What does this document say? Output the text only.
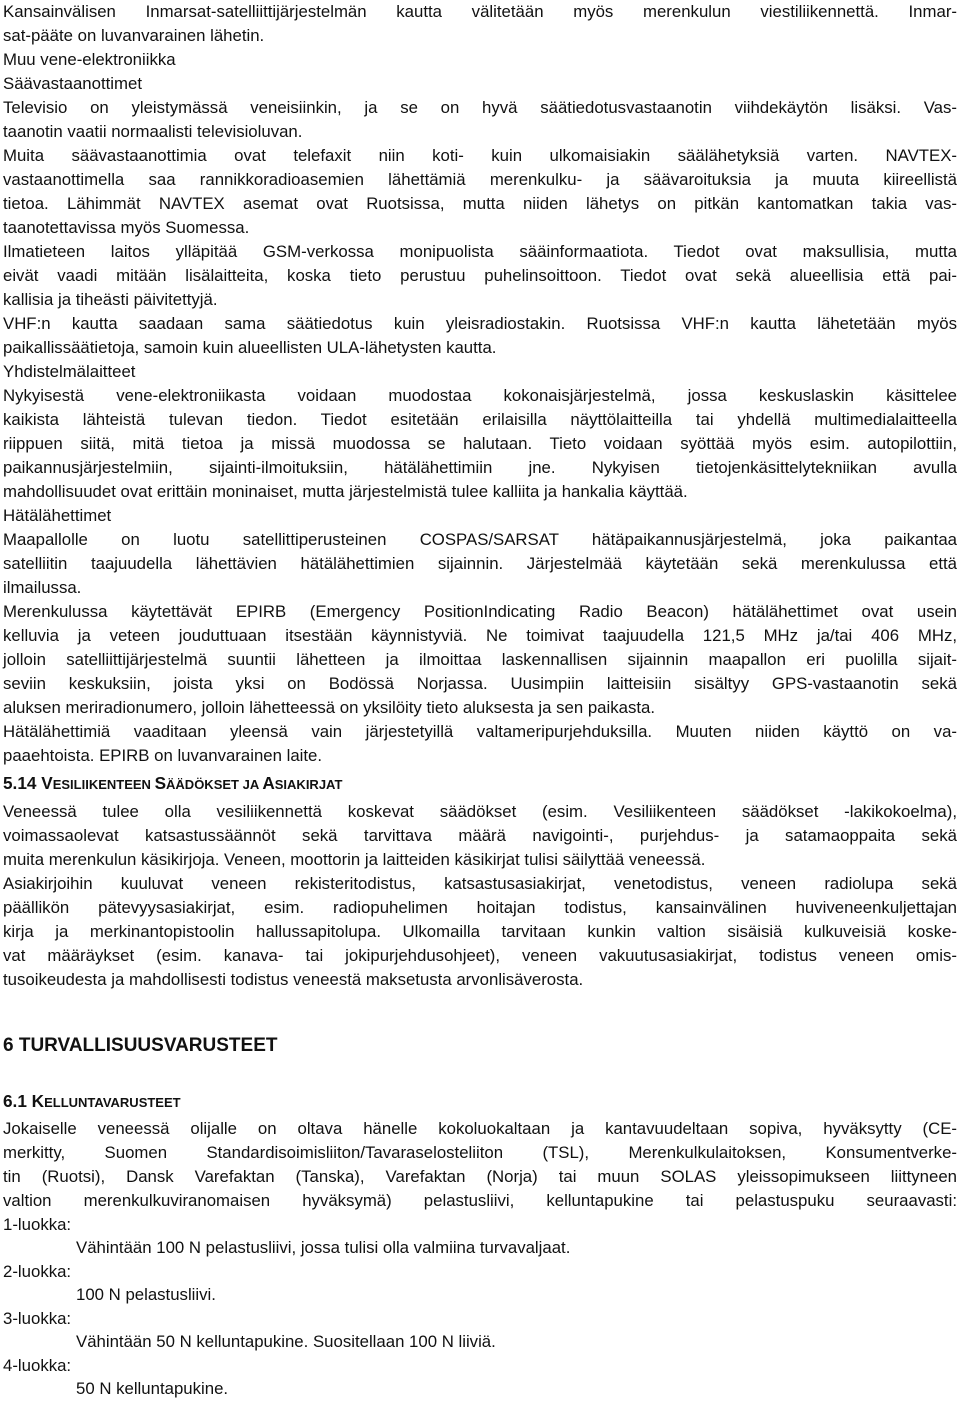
Kansainvälisen Inmarsat-satelliittijärjestelmän kautta välitetään myös merenkulun viestiliikennettä. Inmar-
sat-pääte on luvanvarainen lähetin.
Muu vene-elektroniikka
Säävastaanottimet
Televisio on yleistymässä veneisiinkin, ja se on hyvä säätiedotusvastaanotin viihdekäytön lisäksi. Vas-
taanotin vaatii normaalisti televisioluvan.
Muita säävastaanottimia ovat telefaxit niin koti- kuin ulkomaisiakin säälähetyksiä varten. NAVTEX-
vastaanottimella saa rannikkoradioasemien lähettämiä merenkulku- ja säävaroituksia ja muuta kiireellistä
tietoa. Lähimmät NAVTEX asemat ovat Ruotsissa, mutta niiden lähetys on pitkän kantomatkan takia vas-
taanotettavissa myös Suomessa.
Ilmatieteen laitos ylläpitää GSM-verkossa monipuolista sääinformaatiota. Tiedot ovat maksullisia, mutta
eivät vaadi mitään lisälaitteita, koska tieto perustuu puhelinsoittoon. Tiedot ovat sekä alueellisia että pai-
kallisia ja tiheästi päivitettyjä.
VHF:n kautta saadaan sama säätiedotus kuin yleisradiostakin. Ruotsissa VHF:n kautta lähetetään myös
paikallissäätietoja, samoin kuin alueellisten ULA-lähetysten kautta.
Yhdistelmälaitteet
Nykyisestä vene-elektroniikasta voidaan muodostaa kokonaisjärjestelmä, jossa keskuslaskin käsittelee
kaikista lähteistä tulevan tiedon. Tiedot esitetään erilaisilla näyttölaitteilla tai yhdellä multimedialaitteella
riippuen siitä, mitä tietoa ja missä muodossa se halutaan. Tieto voidaan syöttää myös esim. autopilottiin,
paikannusjärjestelmiin, sijainti-ilmoituksiin, hätälähettimiin jne. Nykyisen tietojenkäsittelytekniikan avulla
mahdollisuudet ovat erittäin moninaiset, mutta järjestelmistä tulee kalliita ja hankalia käyttää.
Hätälähettimet
Maapallolle on luotu satellittiperusteinen COSPAS/SARSAT hätäpaikannusjärjestelmä, joka paikantaa
satelliitin taajuudella lähettävien hätälähettimien sijainnin. Järjestelmää käytetään sekä merenkulussa että
ilmailussa.
Merenkulussa käytettävät EPIRB (Emergency PositionIndicating Radio Beacon) hätälähettimet ovat usein
kelluvia ja veteen jouduttuaan itsestään käynnistyviä. Ne toimivat taajuudella 121,5 MHz ja/tai 406 MHz,
jolloin satelliittijärjestelmä suuntii lähetteen ja ilmoittaa laskennallisen sijainnin maapallon eri puolilla sijait-
seviin keskuksiin, joista yksi on Bodössä Norjassa. Uusimpiin laitteisiin sisältyy GPS-vastaanotin sekä
aluksen meriradionumero, jolloin lähetteessä on yksilöity tieto aluksesta ja sen paikasta.
Hätälähettimiä vaaditaan yleensä vain järjestetyillä valtameripurjehduksilla. Muuten niiden käyttö on va-
paaehtoista. EPIRB on luvanvarainen laite.
5.14 VESILIIKENTEEN SÄÄDÖKSET JA ASIAKIRJAT
Veneessä tulee olla vesiliikennettä koskevat säädökset (esim. Vesiliikenteen säädökset -lakikokoelma),
voimassaolevat katsastussäännöt sekä tarvittava määrä navigointi-, purjehdus- ja satamaoppaita sekä
muita merenkulun käsikirjoja. Veneen, moottorin ja laitteiden käsikirjat tulisi säilyttää veneessä.
Asiakirjoihin kuuluvat veneen rekisteritodistus, katsastusasiakirjat, venetodistus, veneen radiolupa sekä
päällikön pätevyysasiakirjat, esim. radiopuhelimen hoitajan todistus, kansainvälinen huviveneenkuljettajan
kirja ja merkinantopistoolin hallussapitolupa. Ulkomailla tarvitaan kunkin valtion sisäisiä kulkuveisiä koske-
vat määräykset (esim. kanava- tai jokipurjehdusohjeet), veneen vakuutusasiakirjat, todistus veneen omis-
tusoikeudesta ja mahdollisesti todistus veneestä maksetusta arvonlisäverosta.
6 TURVALLISUUSVARUSTEET
6.1 KELLUNTAVARUSTEET
Jokaiselle veneessä olijalle on oltava hänelle kokoluokaltaan ja kantavuudeltaan sopiva, hyväksytty (CE-
merkitty, Suomen Standardisoimisliiton/Tavaraselosteliiton (TSL), Merenkulkulaitoksen, Konsumentverke-
tin (Ruotsi), Dansk Varefaktan (Tanska), Varefaktan (Norja) tai muun SOLAS yleissopimukseen liittyneen
valtion merenkulkuviranomaisen hyväksymä) pelastusliivi, kelluntapukine tai pelastuspuku seuraavasti:
1-luokka:
Vähintään 100 N pelastusliivi, jossa tulisi olla valmiina turvavaljaat.
2-luokka:
100 N pelastusliivi.
3-luokka:
Vähintään 50 N kelluntapukine. Suositellaan 100 N liiviä.
4-luokka:
50 N kelluntapukine.
